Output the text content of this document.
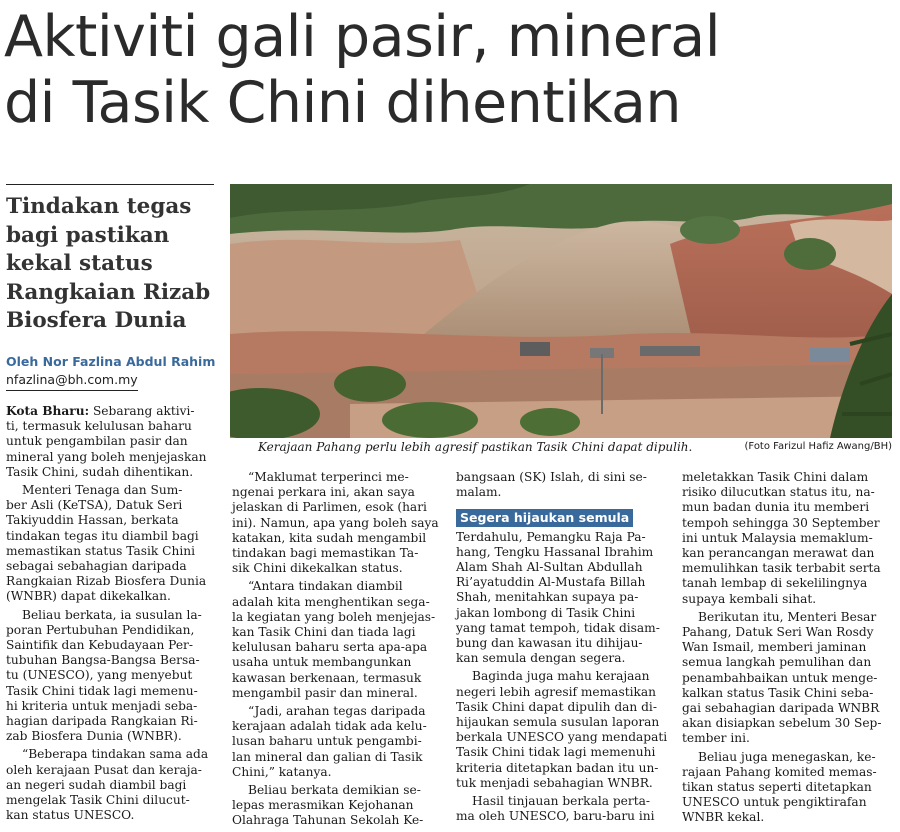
Aktiviti gali pasir, mineral
di Tasik Chini dihentikan
Tindakan tegas
bagi pastikan
kekal status
Rangkaian Rizab
Biosfera Dunia
Oleh Nor Fazlina Abdul Rahim
nfazlina@bh.com.my
Kerajaan Pahang perlu lebih agresif pastikan Tasik Chini dapat dipulih.	(Foto Farizul Hafiz Awang/BH)

Kota Bharu: Sebarang aktivi-
ti, termasuk kelulusan baharu
untuk pengambilan pasir dan
mineral yang boleh menjejaskan
Tasik Chini, sudah dihentikan.

Menteri Tenaga dan Sum-
ber Asli (KeTSA), Datuk Seri
Takiyuddin Hassan, berkata
tindakan tegas itu diambil bagi
memastikan status Tasik Chini
sebagai sebahagian daripada
Rangkaian Rizab Biosfera Dunia
(WNBR) dapat dikekalkan.

Beliau berkata, ia susulan la-
poran Pertubuhan Pendidikan,
Saintifik dan Kebudayaan Per-
tubuhan Bangsa-Bangsa Bersa-
tu (UNESCO), yang menyebut
Tasik Chini tidak lagi memenu-
hi kriteria untuk menjadi seba-
hagian daripada Rangkaian Ri-
zab Biosfera Dunia (WNBR).

“Beberapa tindakan sama ada
oleh kerajaan Pusat dan keraja-
an negeri sudah diambil bagi
mengelak Tasik Chini dilucut-
kan status UNESCO.

“Maklumat terperinci me-
ngenai perkara ini, akan saya
jelaskan di Parlimen, esok (hari
ini). Namun, apa yang boleh saya
katakan, kita sudah mengambil
tindakan bagi memastikan Ta-
sik Chini dikekalkan status.

“Antara tindakan diambil
adalah kita menghentikan sega-
la kegiatan yang boleh menjejas-
kan Tasik Chini dan tiada lagi
kelulusan baharu serta apa-apa
usaha untuk membangunkan
kawasan berkenaan, termasuk
mengambil pasir dan mineral.

“Jadi, arahan tegas daripada
kerajaan adalah tidak ada kelu-
lusan baharu untuk pengambi-
lan mineral dan galian di Tasik
Chini,” katanya.

Beliau berkata demikian se-
lepas merasmikan Kejohanan
Olahraga Tahunan Sekolah Ke-

bangsaan (SK) Islah, di sini se-
malam.

Segera hijaukan semula

Terdahulu, Pemangku Raja Pa-
hang, Tengku Hassanal Ibrahim
Alam Shah Al-Sultan Abdullah
Ri’ayatuddin Al-Mustafa Billah
Shah, menitahkan supaya pa-
jakan lombong di Tasik Chini
yang tamat tempoh, tidak disam-
bung dan kawasan itu dihijau-
kan semula dengan segera.

Baginda juga mahu kerajaan
negeri lebih agresif memastikan
Tasik Chini dapat dipulih dan di-
hijaukan semula susulan laporan
berkala UNESCO yang mendapati
Tasik Chini tidak lagi memenuhi
kriteria ditetapkan badan itu un-
tuk menjadi sebahagian WNBR.

Hasil tinjauan berkala perta-
ma oleh UNESCO, baru-baru ini

meletakkan Tasik Chini dalam
risiko dilucutkan status itu, na-
mun badan dunia itu memberi
tempoh sehingga 30 September
ini untuk Malaysia memaklum-
kan perancangan merawat dan
memulihkan tasik terbabit serta
tanah lembap di sekelilingnya
supaya kembali sihat.

Berikutan itu, Menteri Besar
Pahang, Datuk Seri Wan Rosdy
Wan Ismail, memberi jaminan
semua langkah pemulihan dan
penambahbaikan untuk menge-
kalkan status Tasik Chini seba-
gai sebahagian daripada WNBR
akan disiapkan sebelum 30 Sep-
tember ini.

Beliau juga menegaskan, ke-
rajaan Pahang komited memas-
tikan status seperti ditetapkan
UNESCO untuk pengiktirafan
WNBR kekal.
